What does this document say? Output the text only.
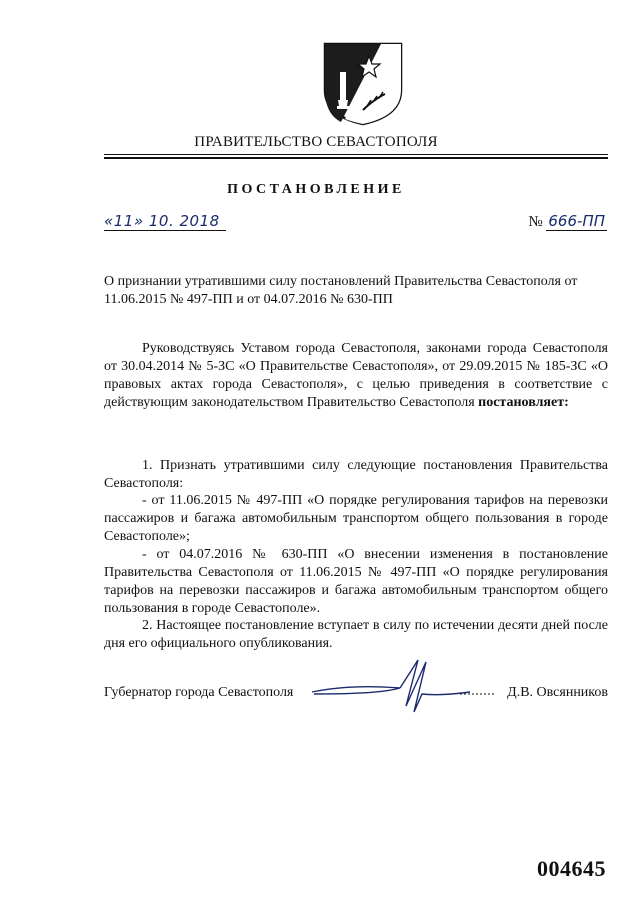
ПРАВИТЕЛЬСТВО СЕВАСТОПОЛЯ
ПОСТАНОВЛЕНИЕ
«11» 10. 2018	№ 666-ПП

О признании утратившими силу постановлений Правительства Севастополя от 11.06.2015 № 497-ПП и от 04.07.2016 № 630-ПП

Руководствуясь Уставом города Севастополя, законами города Севастополя от 30.04.2014 № 5-ЗС «О Правительстве Севастополя», от 29.09.2015 № 185-ЗС «О правовых актах города Севастополя», с целью приведения в соответствие с действующим законодательством Правительство Севастополя постановляет:

1. Признать утратившими силу следующие постановления Правительства Севастополя:

- от 11.06.2015 № 497-ПП «О порядке регулирования тарифов на перевозки пассажиров и багажа автомобильным транспортом общего пользования в городе Севастополе»;

- от 04.07.2016 № 630-ПП «О внесении изменения в постановление Правительства Севастополя от 11.06.2015 № 497-ПП «О порядке регулирования тарифов на перевозки пассажиров и багажа автомобильным транспортом общего пользования в городе Севастополе».

2. Настоящее постановление вступает в силу по истечении десяти дней после дня его официального опубликования.

Губернатор города Севастополя	Д.В. Овсянников
004645
